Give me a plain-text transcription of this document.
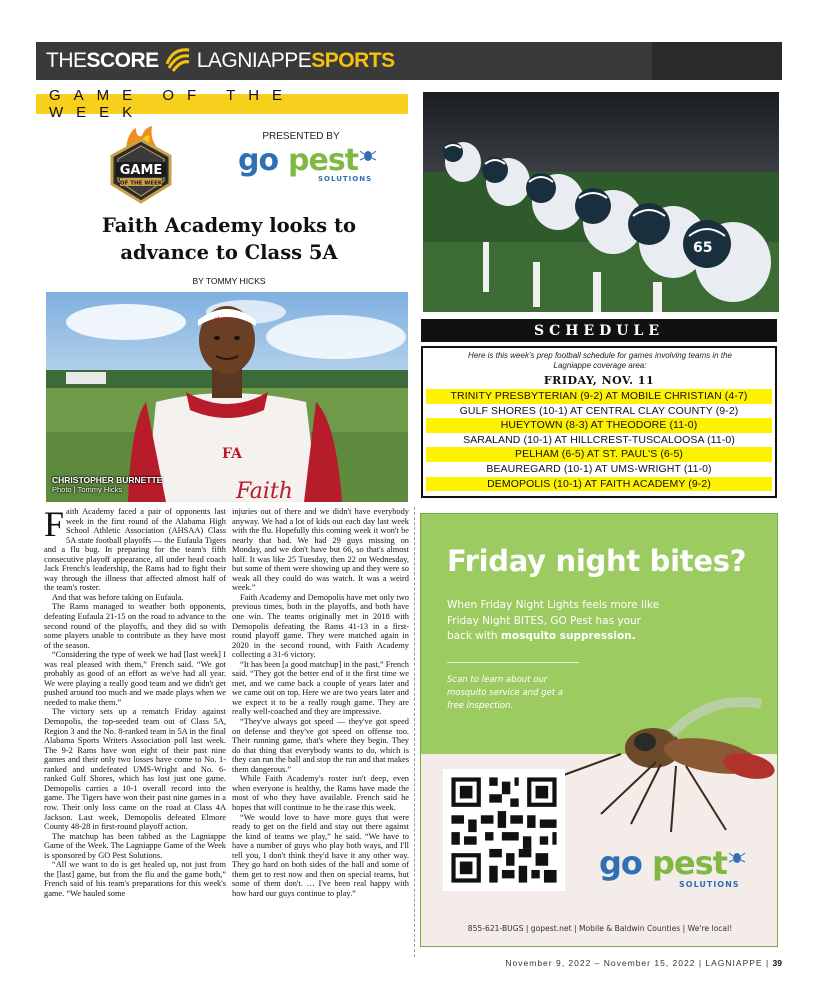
THE SCORE LAGNIAPPE SPORTS
GAME OF THE WEEK
GAME
OF THE WEEK
PRESENTED BY
go pest
SOLUTIONS
Faith Academy looks to
advance to Class 5A
BY TOMMY HICKS
FA
Faith
glory
CHRISTOPHER BURNETTE
Photo | Tommy Hicks

Faith Academy faced a pair of opponents last week in the first round of the Alabama High School Athletic Association (AHSAA) Class 5A state football playoffs — the Eufaula Tigers and a flu bug. In preparing for the team's fifth consecutive playoff appearance, all under head coach Jack French's leadership, the Rams had to fight their way through the illness that affected almost half of the team's roster.

And that was before taking on Eufaula.

The Rams managed to weather both opponents, defeating Eufaula 21-15 on the road to advance to the second round of the playoffs, and they did so with some players unable to contribute as they have most of the season.

“Considering the type of week we had [last week] I was real pleased with them,” French said. “We got probably as good of an effort as we've had all year. We were playing a really good team and we didn't get pushed around too much and we made plays when we needed to make them.”

The victory sets up a rematch Friday against Demopolis, the top-seeded team out of Class 5A, Region 3 and the No. 8-ranked team in 5A in the final Alabama Sports Writers Association poll last week. The 9-2 Rams have won eight of their past nine games and their only two losses have come to No. 1-ranked and undefeated UMS-Wright and No. 6-ranked Gulf Shores, which has lost just one game. Demopolis carries a 10-1 overall record into the game. The Tigers have won their past nine games in a row. Their only loss came on the road at Class 4A Jackson. Last week, Demopolis defeated Elmore County 48-28 in first-round playoff action.

The matchup has been tabbed as the Lagniappe Game of the Week. The Lagniappe Game of the Week is sponsored by GO Pest Solutions.

“All we want to do is get healed up, not just from the [last] game, but from the flu and the game both,” French said of his team's preparations for this week's game. “We hauled some

injuries out of there and we didn't have everybody anyway. We had a lot of kids out each day last week with the flu. Hopefully this coming week it won't be nearly that bad. We had 29 guys missing on Monday, and we don't have but 66, so that's almost half. It was like 25 Tuesday, then 22 on Wednesday, but some of them were showing up and they were so weak all they could do was watch. It was a weird week.”

Faith Academy and Demopolis have met only two previous times, both in the playoffs, and both have one win. The teams originally met in 2018 with Demopolis defeating the Rams 41-13 in a first-round playoff game. They were matched again in 2020 in the second round, with Faith Academy collecting a 31-6 victory.

“It has been [a good matchup] in the past,” French said. “They got the better end of it the first time we met, and we came back a couple of years later and we came out on top. Here we are two years later and we expect it to be a really rough game. They are really well-coached and they are impressive.

“They've always got speed — they've got speed on defense and they've got speed on offense too. Their running game, that's where they begin. They do that thing that everybody wants to do, which is they can run the ball and stop the run and that makes them dangerous.”

While Faith Academy's roster isn't deep, even when everyone is healthy, the Rams have made the most of who they have available. French said he hopes that will continue to be the case this week.

“We would love to have more guys that were ready to get on the field and stay out there against the kind of teams we play,” he said. “We have to have a number of guys who play both ways, and I'll tell you, I don't think they'd have it any other way. They go hard on both sides of the ball and some of them get to rest now and then on special teams, but some of them don't. … I've been real happy with how hard our guys continue to play.”

65
SCHEDULE
Here is this week's prep football schedule for games involving teams in the Lagniappe coverage area:
FRIDAY, NOV. 11
TRINITY PRESBYTERIAN (9-2) AT MOBILE CHRISTIAN (4-7)
GULF SHORES (10-1) AT CENTRAL CLAY COUNTY (9-2)
HUEYTOWN (8-3) AT THEODORE (11-0)
SARALAND (10-1) AT HILLCREST-TUSCALOOSA (11-0)
PELHAM (6-5) AT ST. PAUL'S (6-5)
BEAUREGARD (10-1) AT UMS-WRIGHT (11-0)
DEMOPOLIS (10-1) AT FAITH ACADEMY (9-2)
Friday night bites?
When Friday Night Lights feels more like Friday Night BITES, GO Pest has your back with mosquito suppression.
Scan to learn about our mosquito service and get a free inspection.
go pest
SOLUTIONS
855-621-BUGS | gopest.net | Mobile & Baldwin Counties | We're local!
November 9, 2022 – November 15, 2022 | LAGNIAPPE | 39
